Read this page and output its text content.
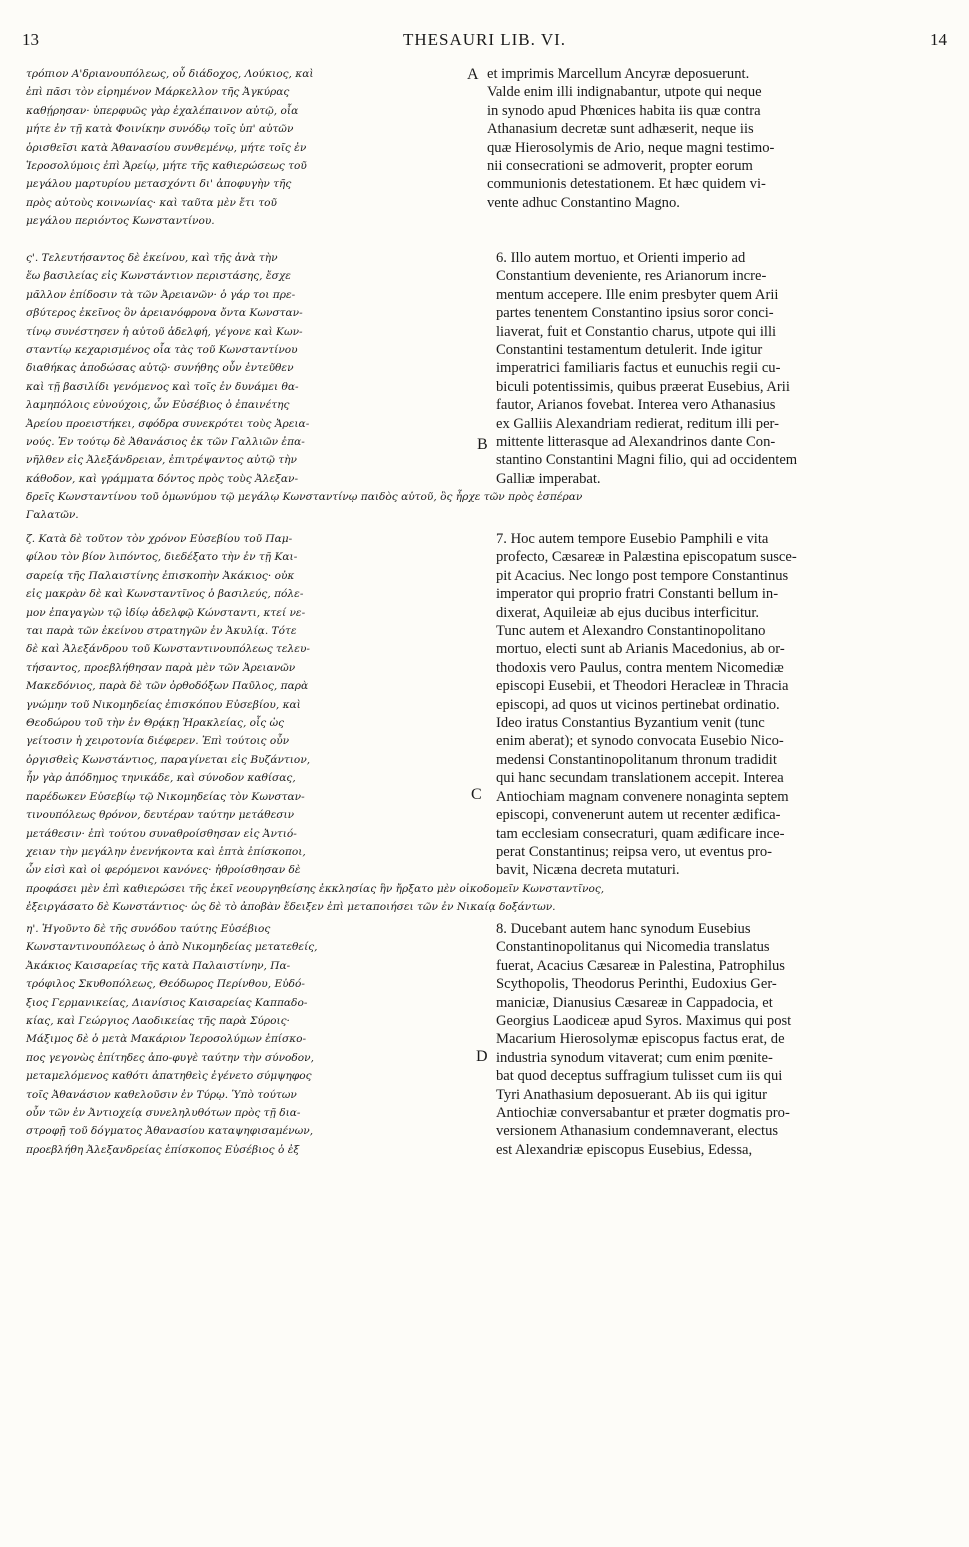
13	THESAURI LIB. VI.	14
A
B
C
D

τρόπιον Α'δριανουπόλεως, οὗ διάδοχος, Λούκιος, καὶ
ἐπὶ πᾶσι τὸν εἰρημένον Μάρκελλον τῆς Ἀγκύρας
καθῄρησαν· ὑπερφυῶς γὰρ ἐχαλέπαινον αὐτῷ, οἷα
μήτε ἐν τῇ κατὰ Φοινίκην συνόδῳ τοῖς ὑπ' αὐτῶν
ὁρισθεῖσι κατὰ Ἀθανασίου συνθεμένῳ, μήτε τοῖς ἐν
Ἱεροσολύμοις ἐπὶ Ἀρείῳ, μήτε τῆς καθιερώσεως τοῦ
μεγάλου μαρτυρίου μετασχόντι δι' ἀποφυγὴν τῆς
πρὸς αὐτοὺς κοινωνίας· καὶ ταῦτα μὲν ἔτι τοῦ
μεγάλου περιόντος Κωνσταντίνου.

et imprimis Marcellum Ancyræ deposuerunt.
Valde enim illi indignabantur, utpote qui neque
in synodo apud Phœnices habita iis quæ contra
Athanasium decretæ sunt adhæserit, neque iis
quæ Hierosolymis de Ario, neque magni testimo-
nii consecrationi se admoverit, propter eorum
communionis detestationem. Et hæc quidem vi-
vente adhuc Constantino Magno.

ς'. Τελευτήσαντος δὲ ἐκείνου, καὶ τῆς ἀνὰ τὴν
ἕω βασιλείας εἰς Κωνστάντιον περιστάσης, ἔσχε
μᾶλλον ἐπίδοσιν τὰ τῶν Ἀρειανῶν· ὁ γάρ τοι πρε-
σβύτερος ἐκεῖνος ὃν ἀρειανόφρονα ὄντα Κωνσταν-
τίνῳ συνέστησεν ἡ αὐτοῦ ἀδελφή, γέγονε καὶ Κων-
σταντίῳ κεχαρισμένος οἷα τὰς τοῦ Κωνσταντίνου
διαθήκας ἀποδώσας αὐτῷ· συνήθης οὖν ἐντεῦθεν
καὶ τῇ βασιλίδι γενόμενος καὶ τοῖς ἐν δυνάμει θα-
λαμηπόλοις εὐνούχοις, ὧν Εὐσέβιος ὁ ἐπαινέτης
Ἀρείου προειστήκει, σφόδρα συνεκρότει τοὺς Ἀρεια-
νούς. Ἐν τούτῳ δὲ Ἀθανάσιος ἐκ τῶν Γαλλιῶν ἐπα-
νῆλθεν εἰς Ἀλεξάνδρειαν, ἐπιτρέψαντος αὐτῷ τὴν
κάθοδον, καὶ γράμματα δόντος πρὸς τοὺς Ἀλεξαν-

6. Illo autem mortuo, et Orienti imperio ad
Constantium deveniente, res Arianorum incre-
mentum accepere. Ille enim presbyter quem Arii
partes tenentem Constantino ipsius soror conci-
liaverat, fuit et Constantio charus, utpote qui illi
Constantini testamentum detulerit. Inde igitur
imperatrici familiaris factus et eunuchis regii cu-
biculi potentissimis, quibus præerat Eusebius, Arii
fautor, Arianos fovebat. Interea vero Athanasius
ex Galliis Alexandriam redierat, reditum illi per-
mittente litterasque ad Alexandrinos dante Con-
stantino Constantini Magni filio, qui ad occidentem
Galliæ imperabat.

δρεῖς Κωνσταντίνου τοῦ ὁμωνύμου τῷ μεγάλῳ Κωνσταντίνῳ παιδὸς αὐτοῦ, ὃς ἦρχε τῶν πρὸς ἑσπέραν
Γαλατῶν.

ζ. Κατὰ δὲ τοῦτον τὸν χρόνον Εὐσεβίου τοῦ Παμ-
φίλου τὸν βίον λιπόντος, διεδέξατο τὴν ἐν τῇ Και-
σαρείᾳ τῆς Παλαιστίνης ἐπισκοπὴν Ἀκάκιος· οὐκ
εἰς μακρὰν δὲ καὶ Κωνσταντῖνος ὁ βασιλεύς, πόλε-
μον ἐπαγαγὼν τῷ ἰδίῳ ἀδελφῷ Κώνσταντι, κτεί νε-
ται παρὰ τῶν ἐκείνου στρατηγῶν ἐν Ἀκυλίᾳ. Τότε
δὲ καὶ Ἀλεξάνδρου τοῦ Κωνσταντινουπόλεως τελευ-
τήσαντος, προεβλήθησαν παρὰ μὲν τῶν Ἀρειανῶν
Μακεδόνιος, παρὰ δὲ τῶν ὀρθοδόξων Παῦλος, παρὰ
γνώμην τοῦ Νικομηδείας ἐπισκόπου Εὐσεβίου, καὶ
Θεοδώρου τοῦ τὴν ἐν Θρᾴκῃ Ἡρακλείας, οἷς ὡς
γείτοσιν ἡ χειροτονία διέφερεν. Ἐπὶ τούτοις οὖν
ὀργισθεὶς Κωνστάντιος, παραγίνεται εἰς Βυζάντιον,
ἦν γὰρ ἀπόδημος τηνικάδε, καὶ σύνοδον καθίσας,
παρέδωκεν Εὐσεβίῳ τῷ Νικομηδείας τὸν Κωνσταν-
τινουπόλεως θρόνον, δευτέραν ταύτην μετάθεσιν
μετάθεσιν· ἐπὶ τούτου συναθροίσθησαν εἰς Ἀντιό-
χειαν τὴν μεγάλην ἐνενήκοντα καὶ ἑπτὰ ἐπίσκοποι,
ὧν εἰσὶ καὶ οἱ φερόμενοι κανόνες· ἠθροίσθησαν δὲ

7. Hoc autem tempore Eusebio Pamphili e vita
profecto, Cæsareæ in Palæstina episcopatum susce-
pit Acacius. Nec longo post tempore Constantinus
imperator qui proprio fratri Constanti bellum in-
dixerat, Aquileiæ ab ejus ducibus interficitur.
Tunc autem et Alexandro Constantinopolitano
mortuo, electi sunt ab Arianis Macedonius, ab or-
thodoxis vero Paulus, contra mentem Nicomediæ
episcopi Eusebii, et Theodori Heracleæ in Thracia
episcopi, ad quos ut vicinos pertinebat ordinatio.
Ideo iratus Constantius Byzantium venit (tunc
enim aberat); et synodo convocata Eusebio Nico-
medensi Constantinopolitanum thronum tradidit
qui hanc secundam translationem accepit. Interea
Antiochiam magnam convenere nonaginta septem
episcopi, convenerunt autem ut recenter ædifica-
tam ecclesiam consecraturi, quam ædificare ince-
perat Constantinus; reipsa vero, ut eventus pro-
bavit, Nicæna decreta mutaturi.

προφάσει μὲν ἐπὶ καθιερώσει τῆς ἐκεῖ νεουργηθείσης ἐκκλησίας ἣν ἤρξατο μὲν οἰκοδομεῖν Κωνσταντῖνος,
ἐξειργάσατο δὲ Κωνστάντιος· ὡς δὲ τὸ ἀποβὰν ἔδειξεν ἐπὶ μεταποιήσει τῶν ἐν Νικαίᾳ δοξάντων.

η'. Ἡγοῦντο δὲ τῆς συνόδου ταύτης Εὐσέβιος
Κωνσταντινουπόλεως ὁ ἀπὸ Νικομηδείας μετατεθείς,
Ἀκάκιος Καισαρείας τῆς κατὰ Παλαιστίνην, Πα-
τρόφιλος Σκυθοπόλεως, Θεόδωρος Περίνθου, Εὐδό-
ξιος Γερμανικείας, Διανίσιος Καισαρείας Καππαδο-
κίας, καὶ Γεώργιος Λαοδικείας τῆς παρὰ Σύροις·
Μάξιμος δὲ ὁ μετὰ Μακάριον Ἱεροσολύμων ἐπίσκο-
πος γεγονὼς ἐπίτηδες ἀπο-φυγὲ ταύτην τὴν σύνοδον,
μεταμελόμενος καθότι ἀπατηθεὶς ἐγένετο σύμψηφος
τοῖς Ἀθανάσιον καθελοῦσιν ἐν Τύρῳ. Ὑπὸ τούτων
οὖν τῶν ἐν Ἀντιοχείᾳ συνεληλυθότων πρὸς τῇ δια-
στροφῇ τοῦ δόγματος Ἀθανασίου καταψηφισαμένων,
προεβλήθη Ἀλεξανδρείας ἐπίσκοπος Εὐσέβιος ὁ ἐξ

8. Ducebant autem hanc synodum Eusebius
Constantinopolitanus qui Nicomedia translatus
fuerat, Acacius Cæsareæ in Palestina, Patrophilus
Scythopolis, Theodorus Perinthi, Eudoxius Ger-
maniciæ, Dianusius Cæsareæ in Cappadocia, et
Georgius Laodiceæ apud Syros. Maximus qui post
Macarium Hierosolymæ episcopus factus erat, de
industria synodum vitaverat; cum enim pœnite-
bat quod deceptus suffragium tulisset cum iis qui
Tyri Anathasium deposuerant. Ab iis qui igitur
Antiochiæ conversabantur et præter dogmatis pro-
versionem Athanasium condemnaverant, electus
est Alexandriæ episcopus Eusebius, Edessa,
